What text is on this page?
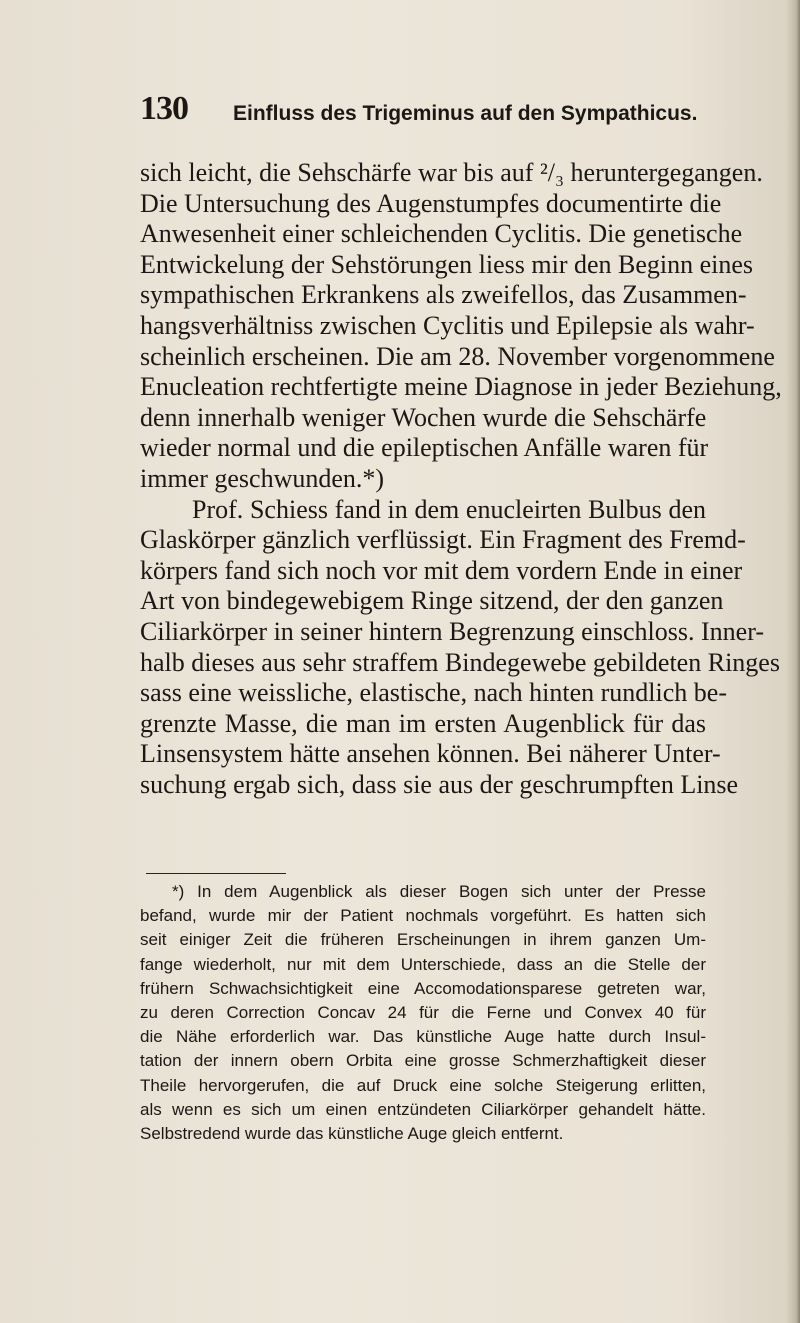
130 Einfluss des Trigeminus auf den Sympathicus.
sich leicht, die Sehschärfe war bis auf ²/₃ heruntergegangen.
Die Untersuchung des Augenstumpfes documentirte die
Anwesenheit einer schleichenden Cyclitis. Die genetische
Entwickelung der Sehstörungen liess mir den Beginn eines
sympathischen Erkrankens als zweifellos, das Zusammen-
hangsverhältniss zwischen Cyclitis und Epilepsie als wahr-
scheinlich erscheinen. Die am 28. November vorgenommene
Enucleation rechtfertigte meine Diagnose in jeder Beziehung,
denn innerhalb weniger Wochen wurde die Sehschärfe
wieder normal und die epileptischen Anfälle waren für
immer geschwunden.*)
Prof. Schiess fand in dem enucleirten Bulbus den
Glaskörper gänzlich verflüssigt. Ein Fragment des Fremd-
körpers fand sich noch vor mit dem vordern Ende in einer
Art von bindegewebigem Ringe sitzend, der den ganzen
Ciliarkörper in seiner hintern Begrenzung einschloss. Inner-
halb dieses aus sehr straffem Bindegewebe gebildeten Ringes
sass eine weissliche, elastische, nach hinten rundlich be-
grenzte Masse, die man im ersten Augenblick für das
Linsensystem hätte ansehen können. Bei näherer Unter-
suchung ergab sich, dass sie aus der geschrumpften Linse
*) In dem Augenblick als dieser Bogen sich unter der Presse
befand, wurde mir der Patient nochmals vorgeführt. Es hatten sich
seit einiger Zeit die früheren Erscheinungen in ihrem ganzen Um-
fange wiederholt, nur mit dem Unterschiede, dass an die Stelle der
frühern Schwachsichtigkeit eine Accomodationsparese getreten war,
zu deren Correction Concav 24 für die Ferne und Convex 40 für
die Nähe erforderlich war. Das künstliche Auge hatte durch Insul-
tation der innern obern Orbita eine grosse Schmerzhaftigkeit dieser
Theile hervorgerufen, die auf Druck eine solche Steigerung erlitten,
als wenn es sich um einen entzündeten Ciliarkörper gehandelt hätte.
Selbstredend wurde das künstliche Auge gleich entfernt.
